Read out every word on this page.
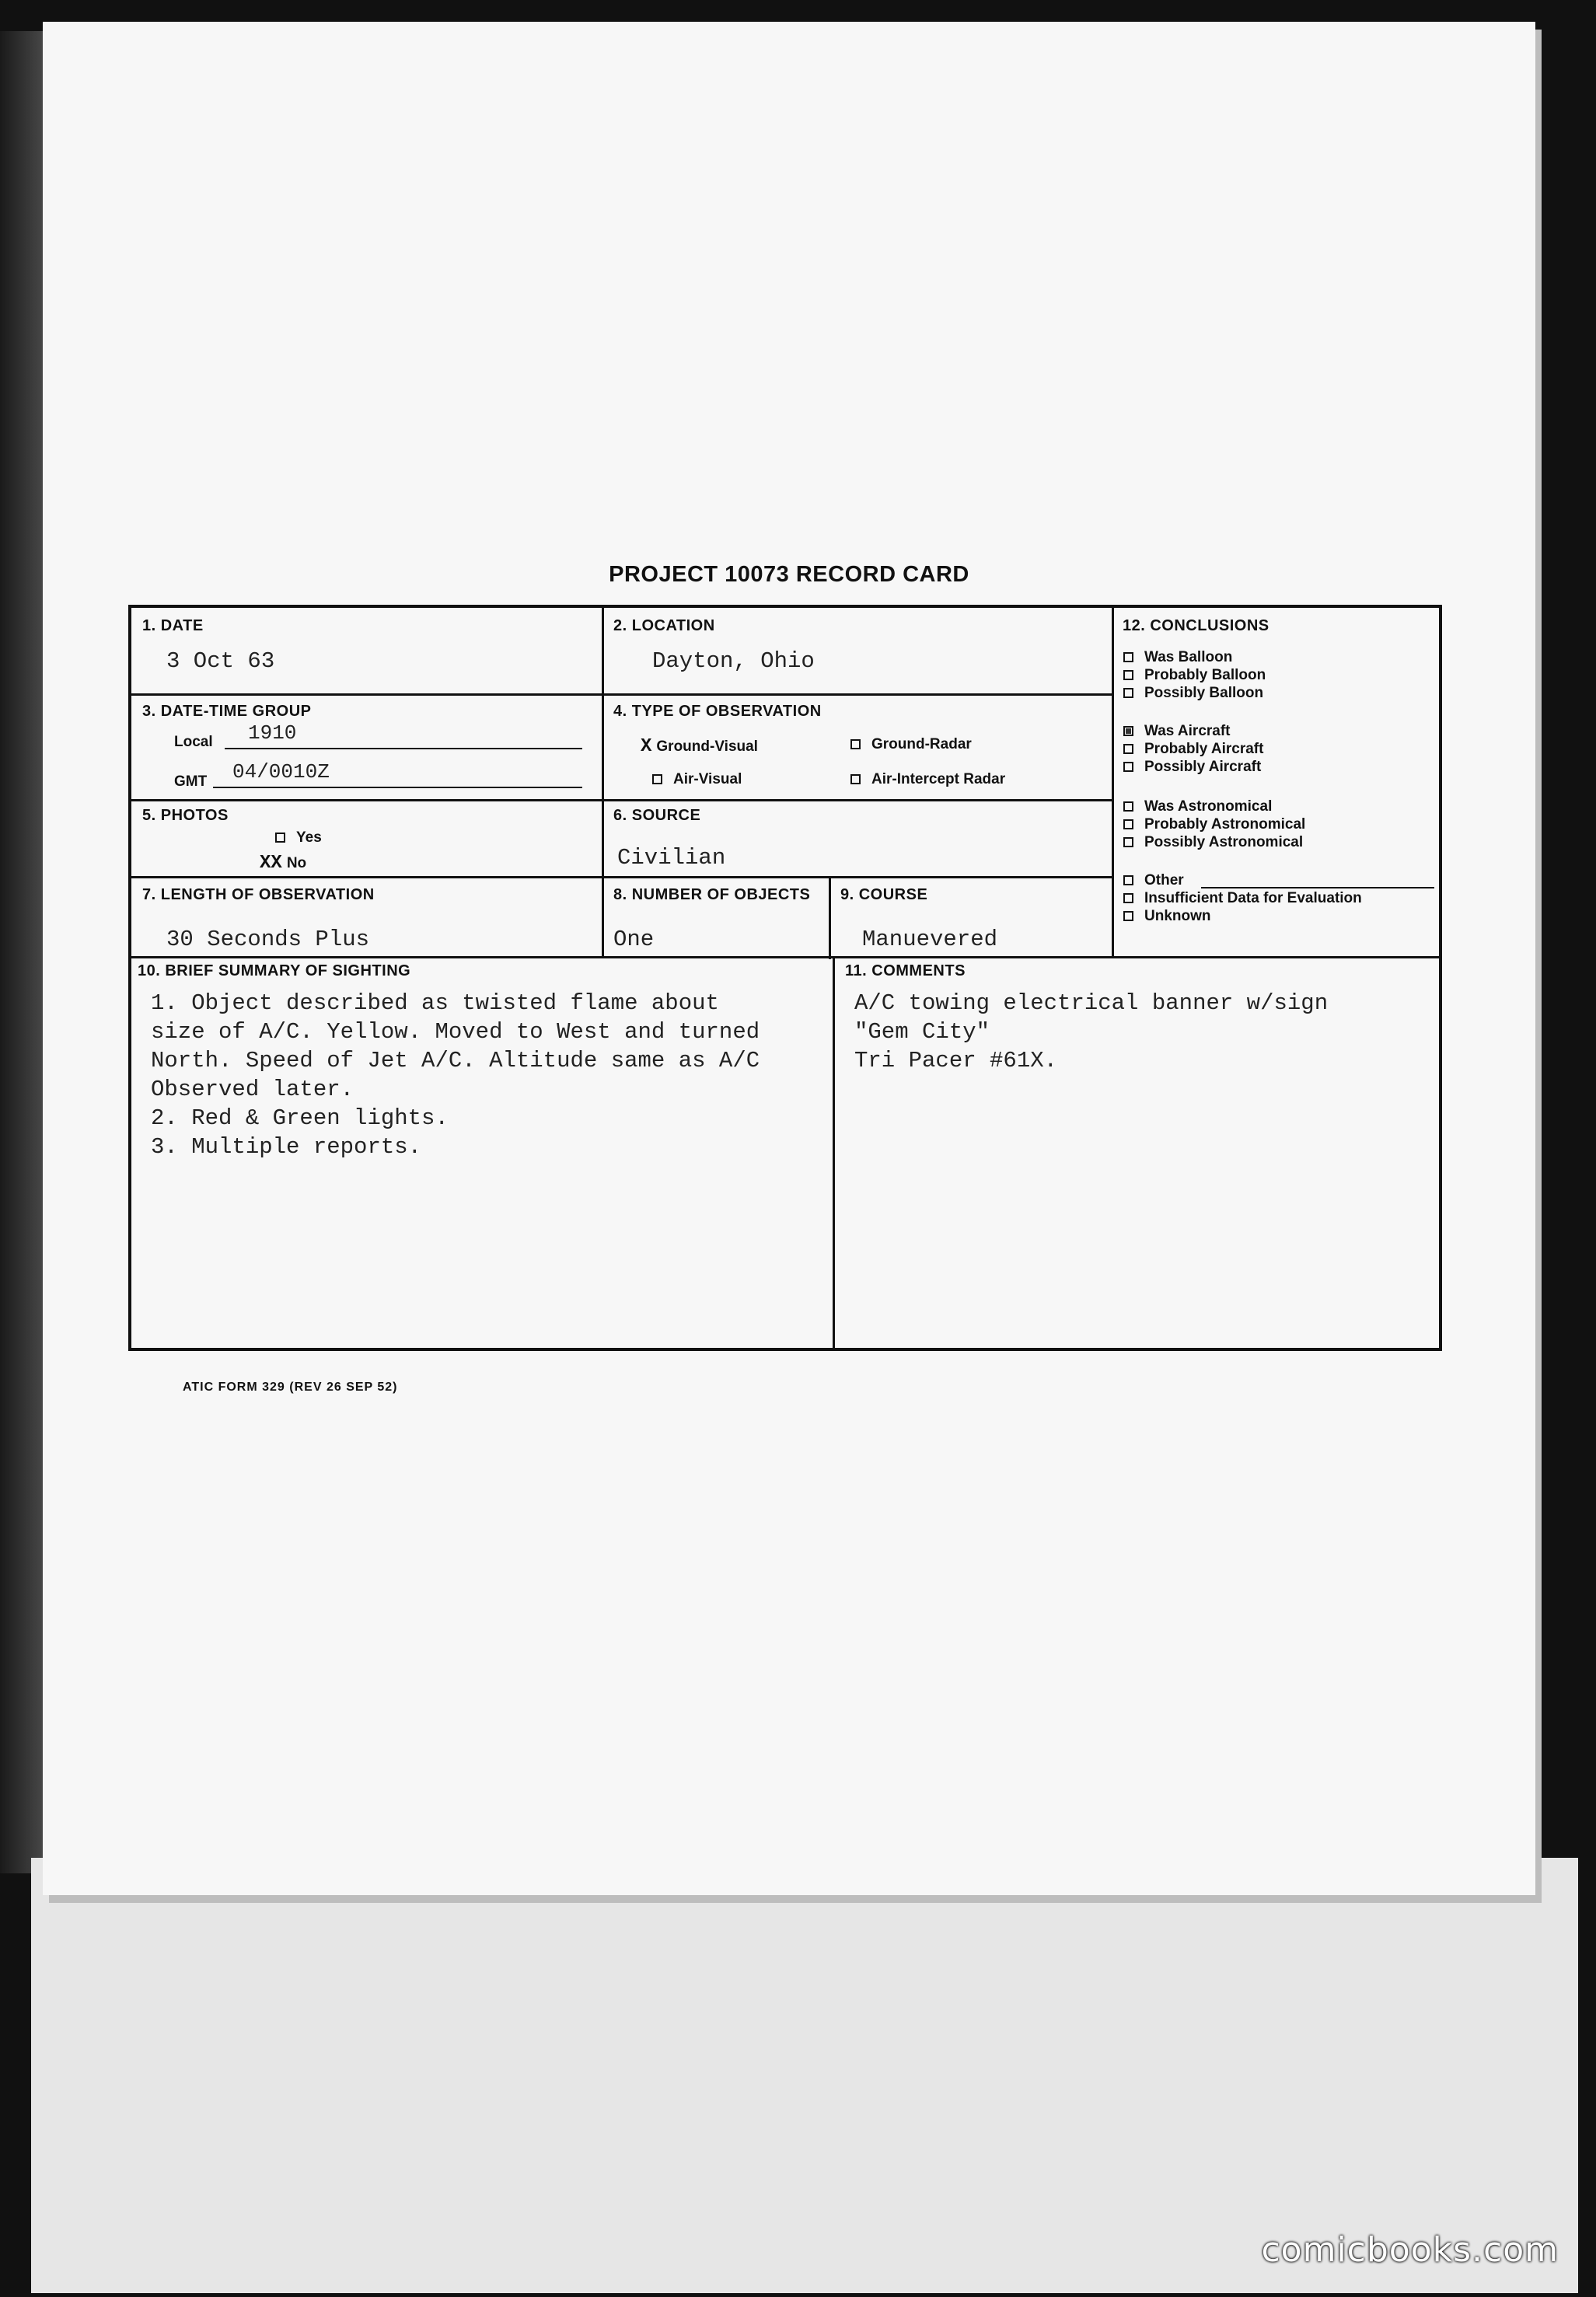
PROJECT 10073 RECORD CARD
1. DATE
3 Oct 63
2. LOCATION
Dayton, Ohio
3. DATE-TIME GROUP
Local 1910
GMT 04/0010Z
4. TYPE OF OBSERVATION
X Ground-Visual	Ground-Radar
Air-Visual	Air-Intercept Radar
5. PHOTOS
Yes
XX No
6. SOURCE
Civilian
7. LENGTH OF OBSERVATION
30 Seconds Plus
8. NUMBER OF OBJECTS
One
9. COURSE
Manuevered
10. BRIEF SUMMARY OF SIGHTING
1. Object described as twisted flame about
size of A/C. Yellow. Moved to West and turned
North. Speed of Jet A/C. Altitude same as A/C
Observed later.
2. Red & Green lights.
3. Multiple reports.
11. COMMENTS
A/C towing electrical banner w/sign
"Gem City"
Tri Pacer #61X.
12. CONCLUSIONS
Was Balloon
Probably Balloon
Possibly Balloon
Was Aircraft
Probably Aircraft
Possibly Aircraft
Was Astronomical
Probably Astronomical
Possibly Astronomical
Other
Insufficient Data for Evaluation
Unknown
ATIC FORM 329 (REV 26 SEP 52)
comicbooks.com
